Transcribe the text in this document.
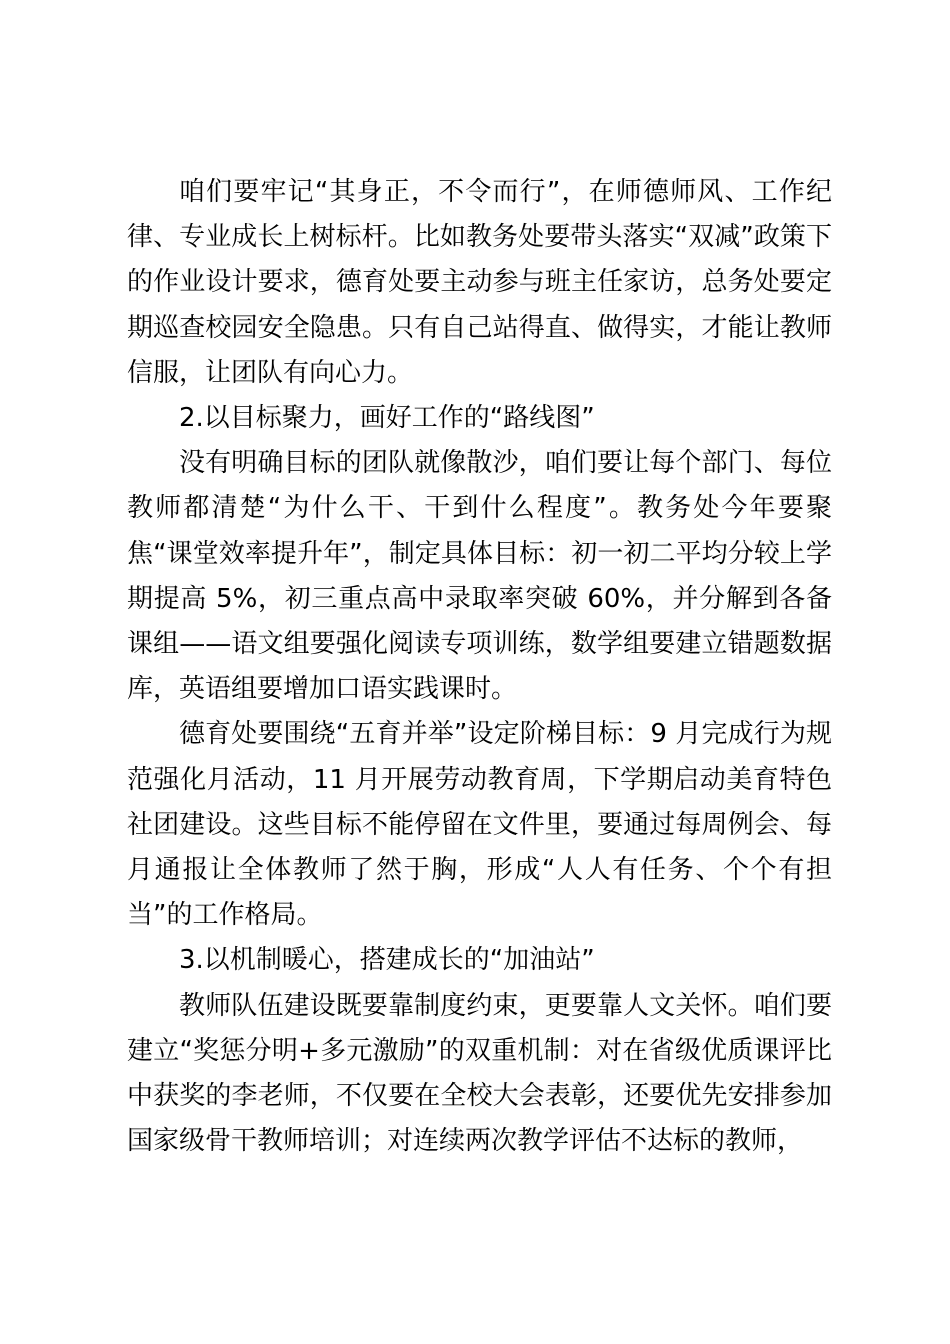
咱们要牢记“其身正，不令而行”，在师德师风、工作纪律、专业成长上树标杆。比如教务处要带头落实“双减”政策下的作业设计要求，德育处要主动参与班主任家访，总务处要定期巡查校园安全隐患。只有自己站得直、做得实，才能让教师信服，让团队有向心力。

2.以目标聚力，画好工作的“路线图”

没有明确目标的团队就像散沙，咱们要让每个部门、每位教师都清楚“为什么干、干到什么程度”。教务处今年要聚焦“课堂效率提升年”，制定具体目标：初一初二平均分较上学期提高 5%，初三重点高中录取率突破 60%，并分解到各备课组——语文组要强化阅读专项训练，数学组要建立错题数据库，英语组要增加口语实践课时。

德育处要围绕“五育并举”设定阶梯目标：9 月完成行为规范强化月活动，11 月开展劳动教育周，下学期启动美育特色社团建设。这些目标不能停留在文件里，要通过每周例会、每月通报让全体教师了然于胸，形成“人人有任务、个个有担当”的工作格局。

3.以机制暖心，搭建成长的“加油站”

教师队伍建设既要靠制度约束，更要靠人文关怀。咱们要建立“奖惩分明+多元激励”的双重机制：对在省级优质课评比中获奖的李老师，不仅要在全校大会表彰，还要优先安排参加国家级骨干教师培训；对连续两次教学评估不达标的教师，
